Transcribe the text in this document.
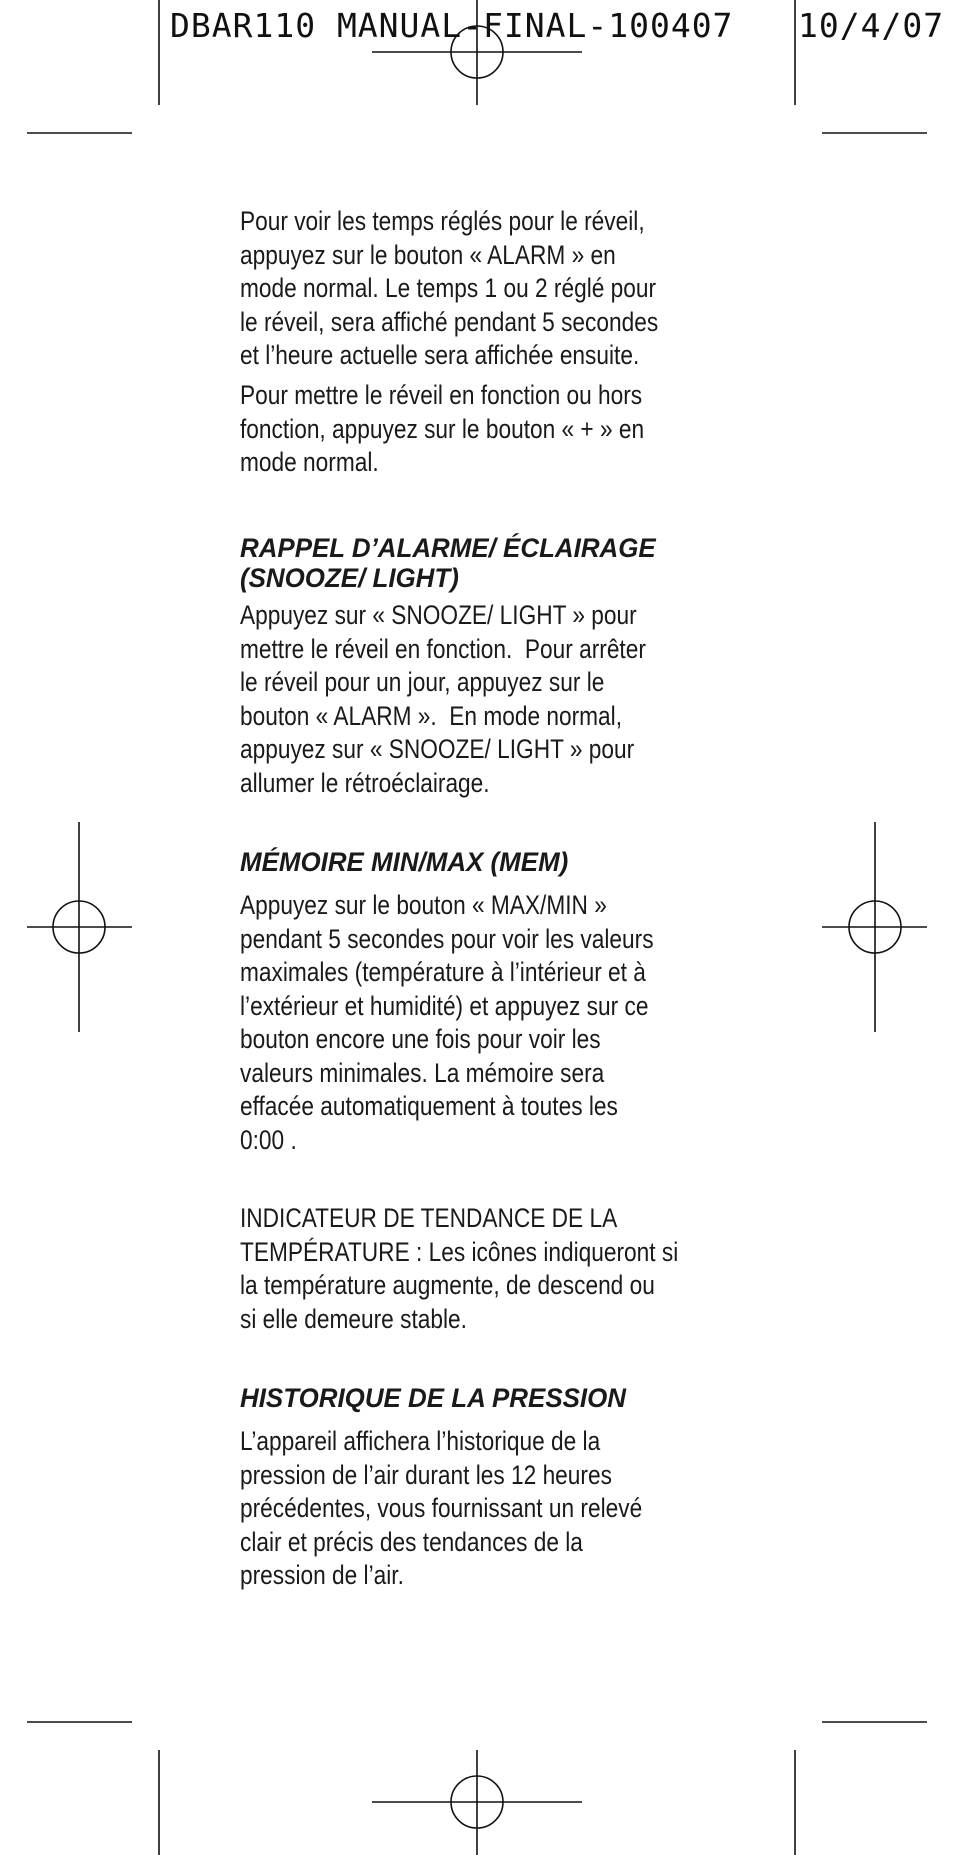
DBAR110 MANUAL-FINAL-100407 10/4/07

Pour voir les temps réglés pour le réveil,
appuyez sur le bouton « ALARM » en
mode normal. Le temps 1 ou 2 réglé pour
le réveil, sera affiché pendant 5 secondes
et l’heure actuelle sera affichée ensuite.

Pour mettre le réveil en fonction ou hors
fonction, appuyez sur le bouton « + » en
mode normal.

RAPPEL D’ALARME/ ÉCLAIRAGE
(SNOOZE/ LIGHT)

Appuyez sur « SNOOZE/ LIGHT » pour
mettre le réveil en fonction.  Pour arrêter
le réveil pour un jour, appuyez sur le
bouton « ALARM ».  En mode normal,
appuyez sur « SNOOZE/ LIGHT » pour
allumer le rétroéclairage.

MÉMOIRE MIN/MAX (MEM)

Appuyez sur le bouton « MAX/MIN »
pendant 5 secondes pour voir les valeurs
maximales (température à l’intérieur et à
l’extérieur et humidité) et appuyez sur ce
bouton encore une fois pour voir les
valeurs minimales. La mémoire sera
effacée automatiquement à toutes les
0:00 .

INDICATEUR DE TENDANCE DE LA
TEMPÉRATURE : Les icônes indiqueront si
la température augmente, de descend ou
si elle demeure stable.

HISTORIQUE DE LA PRESSION

L’appareil affichera l’historique de la
pression de l’air durant les 12 heures
précédentes, vous fournissant un relevé
clair et précis des tendances de la
pression de l’air.
